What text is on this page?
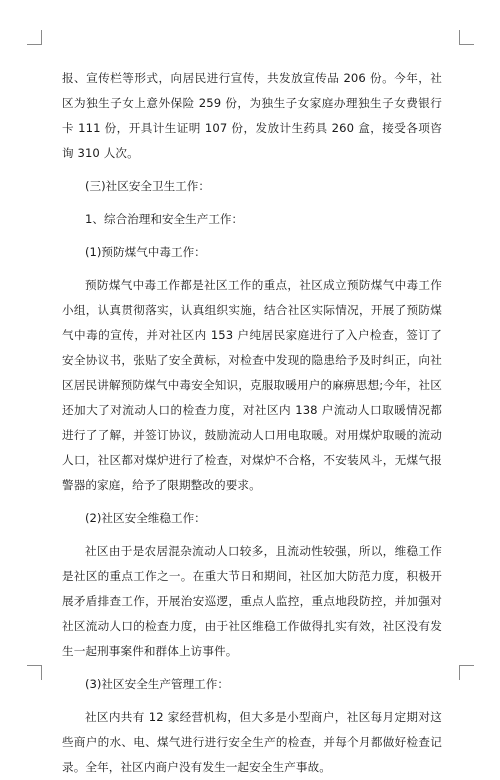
报、宣传栏等形式，向居民进行宣传，共发放宣传品 206 份。今年，社区为独生子女上意外保险 259 份，为独生子女家庭办理独生子女费银行卡 111 份，开具计生证明 107 份，发放计生药具 260 盒，接受各项咨询 310 人次。

(三)社区安全卫生工作：

1、综合治理和安全生产工作：

(1)预防煤气中毒工作：

预防煤气中毒工作都是社区工作的重点，社区成立预防煤气中毒工作小组，认真贯彻落实，认真组织实施，结合社区实际情况，开展了预防煤气中毒的宣传，并对社区内 153 户纯居民家庭进行了入户检查，签订了安全协议书，张贴了安全黄标，对检查中发现的隐患给予及时纠正，向社区居民讲解预防煤气中毒安全知识，克服取暖用户的麻痹思想;今年，社区还加大了对流动人口的检查力度，对社区内 138 户流动人口取暖情况都进行了了解，并签订协议，鼓励流动人口用电取暖。对用煤炉取暖的流动人口，社区都对煤炉进行了检查，对煤炉不合格，不安装风斗，无煤气报警器的家庭，给予了限期整改的要求。

(2)社区安全维稳工作：

社区由于是农居混杂流动人口较多，且流动性较强，所以，维稳工作是社区的重点工作之一。在重大节日和期间，社区加大防范力度，积极开展矛盾排查工作，开展治安巡逻，重点人监控，重点地段防控，并加强对社区流动人口的检查力度，由于社区维稳工作做得扎实有效，社区没有发生一起刑事案件和群体上访事件。

(3)社区安全生产管理工作：

社区内共有 12 家经营机构，但大多是小型商户，社区每月定期对这些商户的水、电、煤气进行进行安全生产的检查，并每个月都做好检查记录。全年，社区内商户没有发生一起安全生产事故。
